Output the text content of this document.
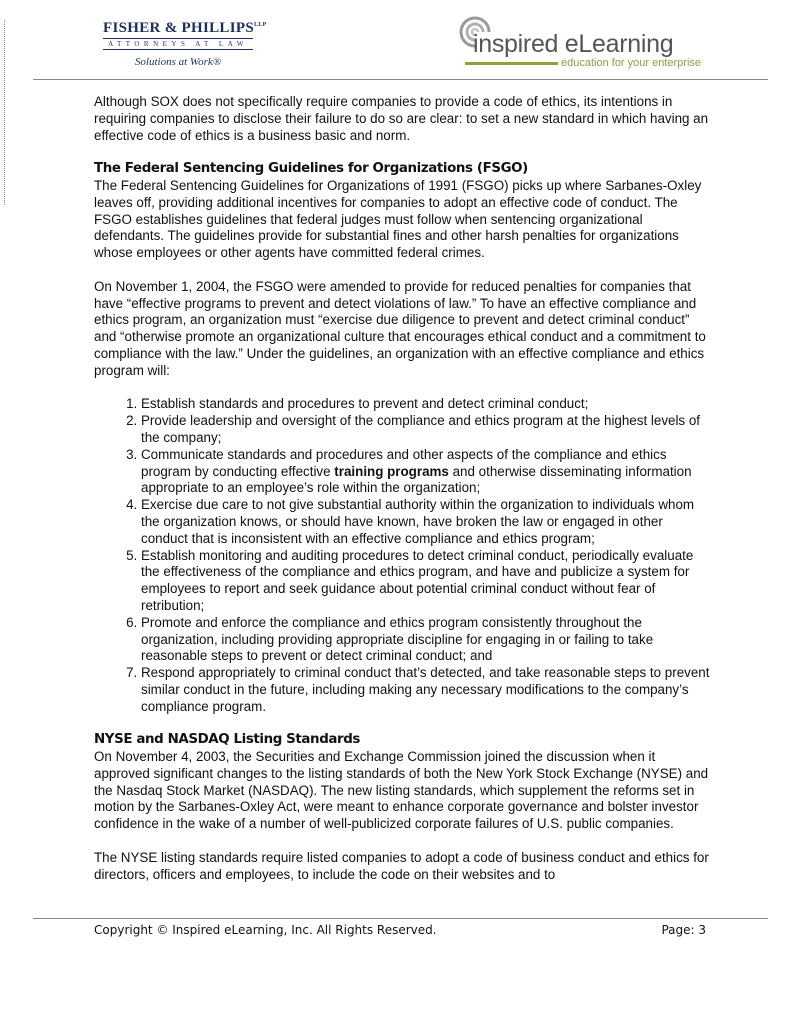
FISHER & $PHILLIPS^{LLP}$
ATTORNEYS AT LAW
Solutions at Work®
inspired eLearning
education for your enterprise

Although SOX does not specifically require companies to provide a code of ethics, its intentions in requiring companies to disclose their failure to do so are clear: to set a new standard in which having an effective code of ethics is a business basic and norm.

The Federal Sentencing Guidelines for Organizations (FSGO)

The Federal Sentencing Guidelines for Organizations of 1991 (FSGO) picks up where Sarbanes-Oxley leaves off, providing additional incentives for companies to adopt an effective code of conduct. The FSGO establishes guidelines that federal judges must follow when sentencing organizational defendants. The guidelines provide for substantial fines and other harsh penalties for organizations whose employees or other agents have committed federal crimes.

On November 1, 2004, the FSGO were amended to provide for reduced penalties for companies that have “effective programs to prevent and detect violations of law.” To have an effective compliance and ethics program, an organization must “exercise due diligence to prevent and detect criminal conduct” and “otherwise promote an organizational culture that encourages ethical conduct and a commitment to compliance with the law.” Under the guidelines, an organization with an effective compliance and ethics program will:

1. Establish standards and procedures to prevent and detect criminal conduct;
2. Provide leadership and oversight of the compliance and ethics program at the highest levels of the company;
3. Communicate standards and procedures and other aspects of the compliance and ethics program by conducting effective training programs and otherwise disseminating information appropriate to an employee’s role within the organization;
4. Exercise due care to not give substantial authority within the organization to individuals whom the organization knows, or should have known, have broken the law or engaged in other conduct that is inconsistent with an effective compliance and ethics program;
5. Establish monitoring and auditing procedures to detect criminal conduct, periodically evaluate the effectiveness of the compliance and ethics program, and have and publicize a system for employees to report and seek guidance about potential criminal conduct without fear of retribution;
6. Promote and enforce the compliance and ethics program consistently throughout the organization, including providing appropriate discipline for engaging in or failing to take reasonable steps to prevent or detect criminal conduct; and
7. Respond appropriately to criminal conduct that’s detected, and take reasonable steps to prevent similar conduct in the future, including making any necessary modifications to the company’s compliance program.
NYSE and NASDAQ Listing Standards

On November 4, 2003, the Securities and Exchange Commission joined the discussion when it approved significant changes to the listing standards of both the New York Stock Exchange (NYSE) and the Nasdaq Stock Market (NASDAQ). The new listing standards, which supplement the reforms set in motion by the Sarbanes-Oxley Act, were meant to enhance corporate governance and bolster investor confidence in the wake of a number of well-publicized corporate failures of U.S. public companies.

The NYSE listing standards require listed companies to adopt a code of business conduct and ethics for directors, officers and employees, to include the code on their websites and to

Copyright © Inspired eLearning, Inc. All Rights Reserved.	Page: 3
